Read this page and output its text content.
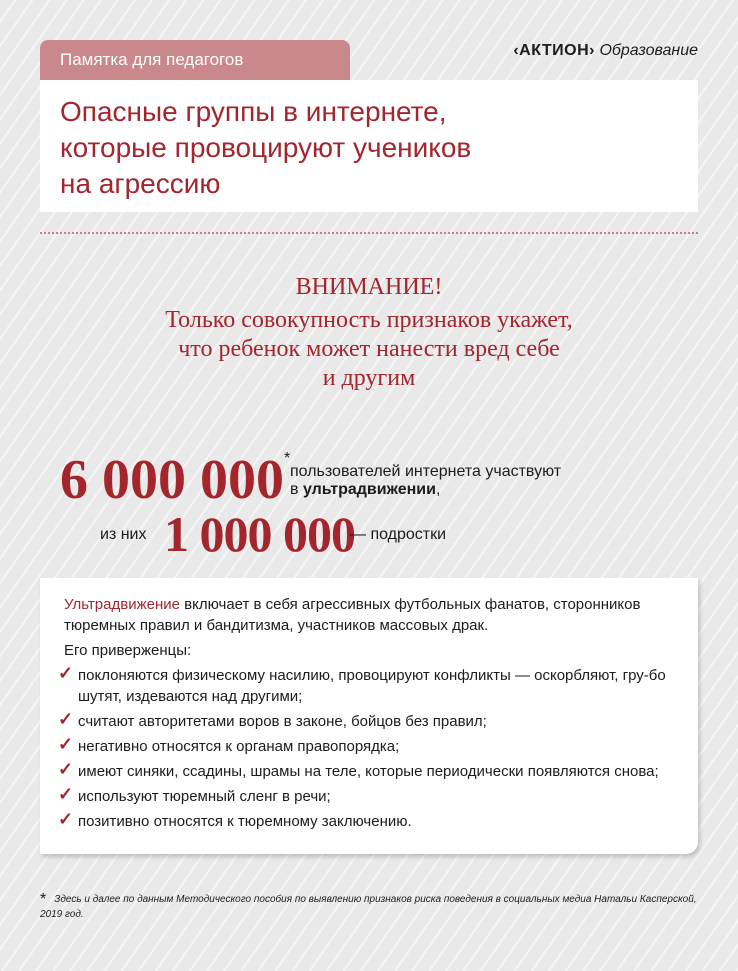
Памятка для педагогов	‹АКТИОН› Образование
Опасные группы в интернете,
которые провоцируют учеников
на агрессию
ВНИМАНИЕ!
Только совокупность признаков укажет,
что ребенок может нанести вред себе
и другим
6 000 000 *
пользователей интернета участвуют
в ультрадвижении,
из них 1 000 000
— подростки

Ультрадвижение включает в себя агрессивных футбольных фанатов, сторонников тюремных правил и бандитизма, участников массовых драк.

Его приверженцы:

✓ поклоняются физическому насилию, провоцируют конфликты — оскорбляют, гру-бо шутят, издеваются над другими;
✓ считают авторитетами воров в законе, бойцов без правил;
✓ негативно относятся к органам правопорядка;
✓ имеют синяки, ссадины, шрамы на теле, которые периодически появляются снова;
✓ используют тюремный сленг в речи;
✓ позитивно относятся к тюремному заключению.
* Здесь и далее по данным Методического пособия по выявлению признаков риска поведения в социальных медиа Натальи Касперской, 2019 год.
